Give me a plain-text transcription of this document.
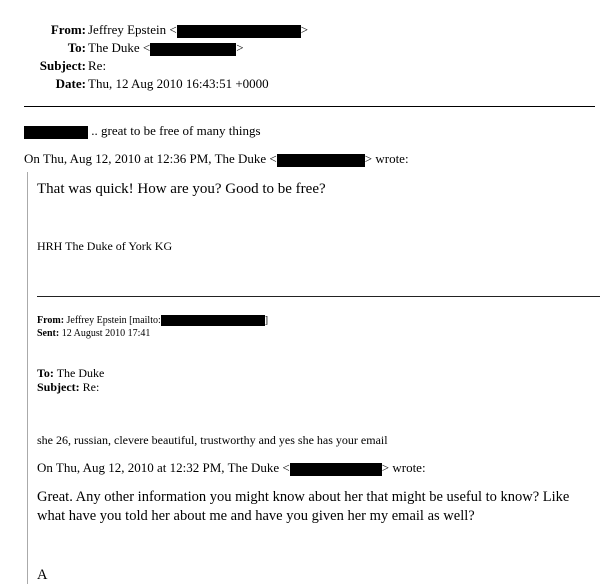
From: Jeffrey Epstein <	>
To: The Duke <	>
Subject: Re:
Date: Thu, 12 Aug 2010 16:43:51 +0000
.. great to be free of many things
On Thu, Aug 12, 2010 at 12:36 PM, The Duke <	> wrote:
That was quick! How are you? Good to be free?
HRH The Duke of York KG
From: Jeffrey Epstein [mailto:	]
Sent: 12 August 2010 17:41
To: The Duke
Subject: Re:
she 26, russian, clevere beautiful, trustworthy and yes she has your email
On Thu, Aug 12, 2010 at 12:32 PM, The Duke <	> wrote:
Great. Any other information you might know about her that might be useful to know? Like
what have you told her about me and have you given her my email as well?
A
